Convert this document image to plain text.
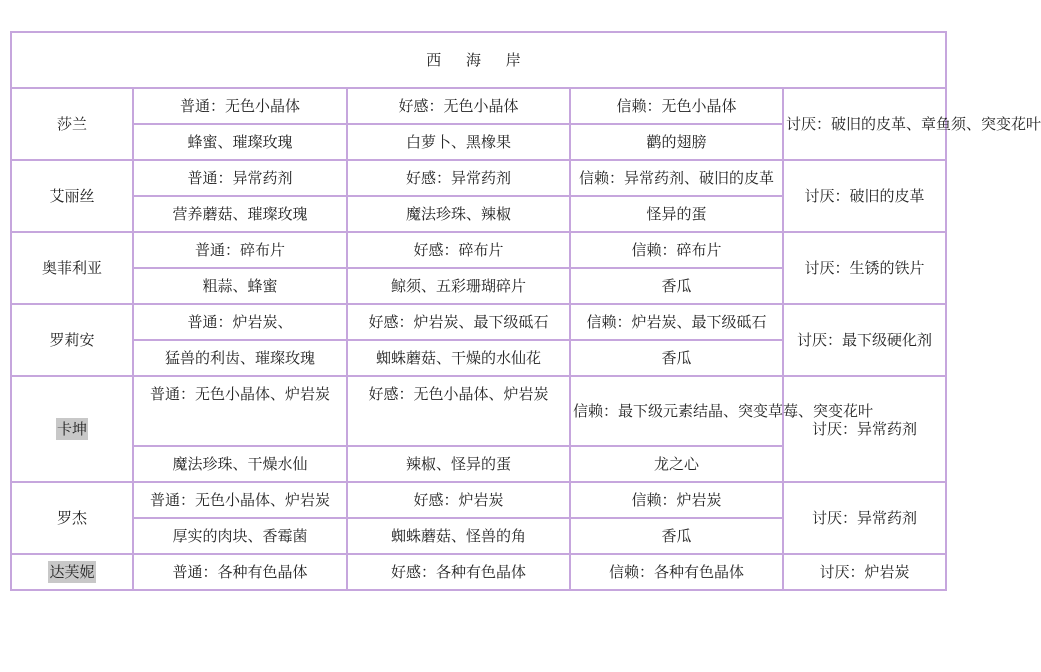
西 海 岸				
莎兰	普通：无色小晶体	好感：无色小晶体	信赖：无色小晶体	讨厌：破旧的皮革、章鱼须、突变花叶
	蜂蜜、璀璨玫瑰	白萝卜、黑橡果	鹳的翅膀	
艾丽丝	普通：异常药剂	好感：异常药剂	信赖：异常药剂、破旧的皮革	讨厌：破旧的皮革
	营养蘑菇、璀璨玫瑰	魔法珍珠、辣椒	怪异的蛋	
奥菲利亚	普通：碎布片	好感：碎布片	信赖：碎布片	讨厌：生锈的铁片
	粗蒜、蜂蜜	鲸须、五彩珊瑚碎片	香瓜	
罗莉安	普通：炉岩炭、	好感：炉岩炭、最下级砥石	信赖：炉岩炭、最下级砥石	讨厌：最下级硬化剂
	猛兽的利齿、璀璨玫瑰	蜘蛛蘑菇、干燥的水仙花	香瓜	
卡坤	普通：无色小晶体、炉岩炭	好感：无色小晶体、炉岩炭	信赖：最下级元素结晶、突变草莓、突变花叶	讨厌：异常药剂
	魔法珍珠、干燥水仙	辣椒、怪异的蛋	龙之心	
罗杰	普通：无色小晶体、炉岩炭	好感：炉岩炭	信赖：炉岩炭	讨厌：异常药剂
	厚实的肉块、香霉菌	蜘蛛蘑菇、怪兽的角	香瓜	
达芙妮	普通：各种有色晶体	好感：各种有色晶体	信赖：各种有色晶体	讨厌：炉岩炭
